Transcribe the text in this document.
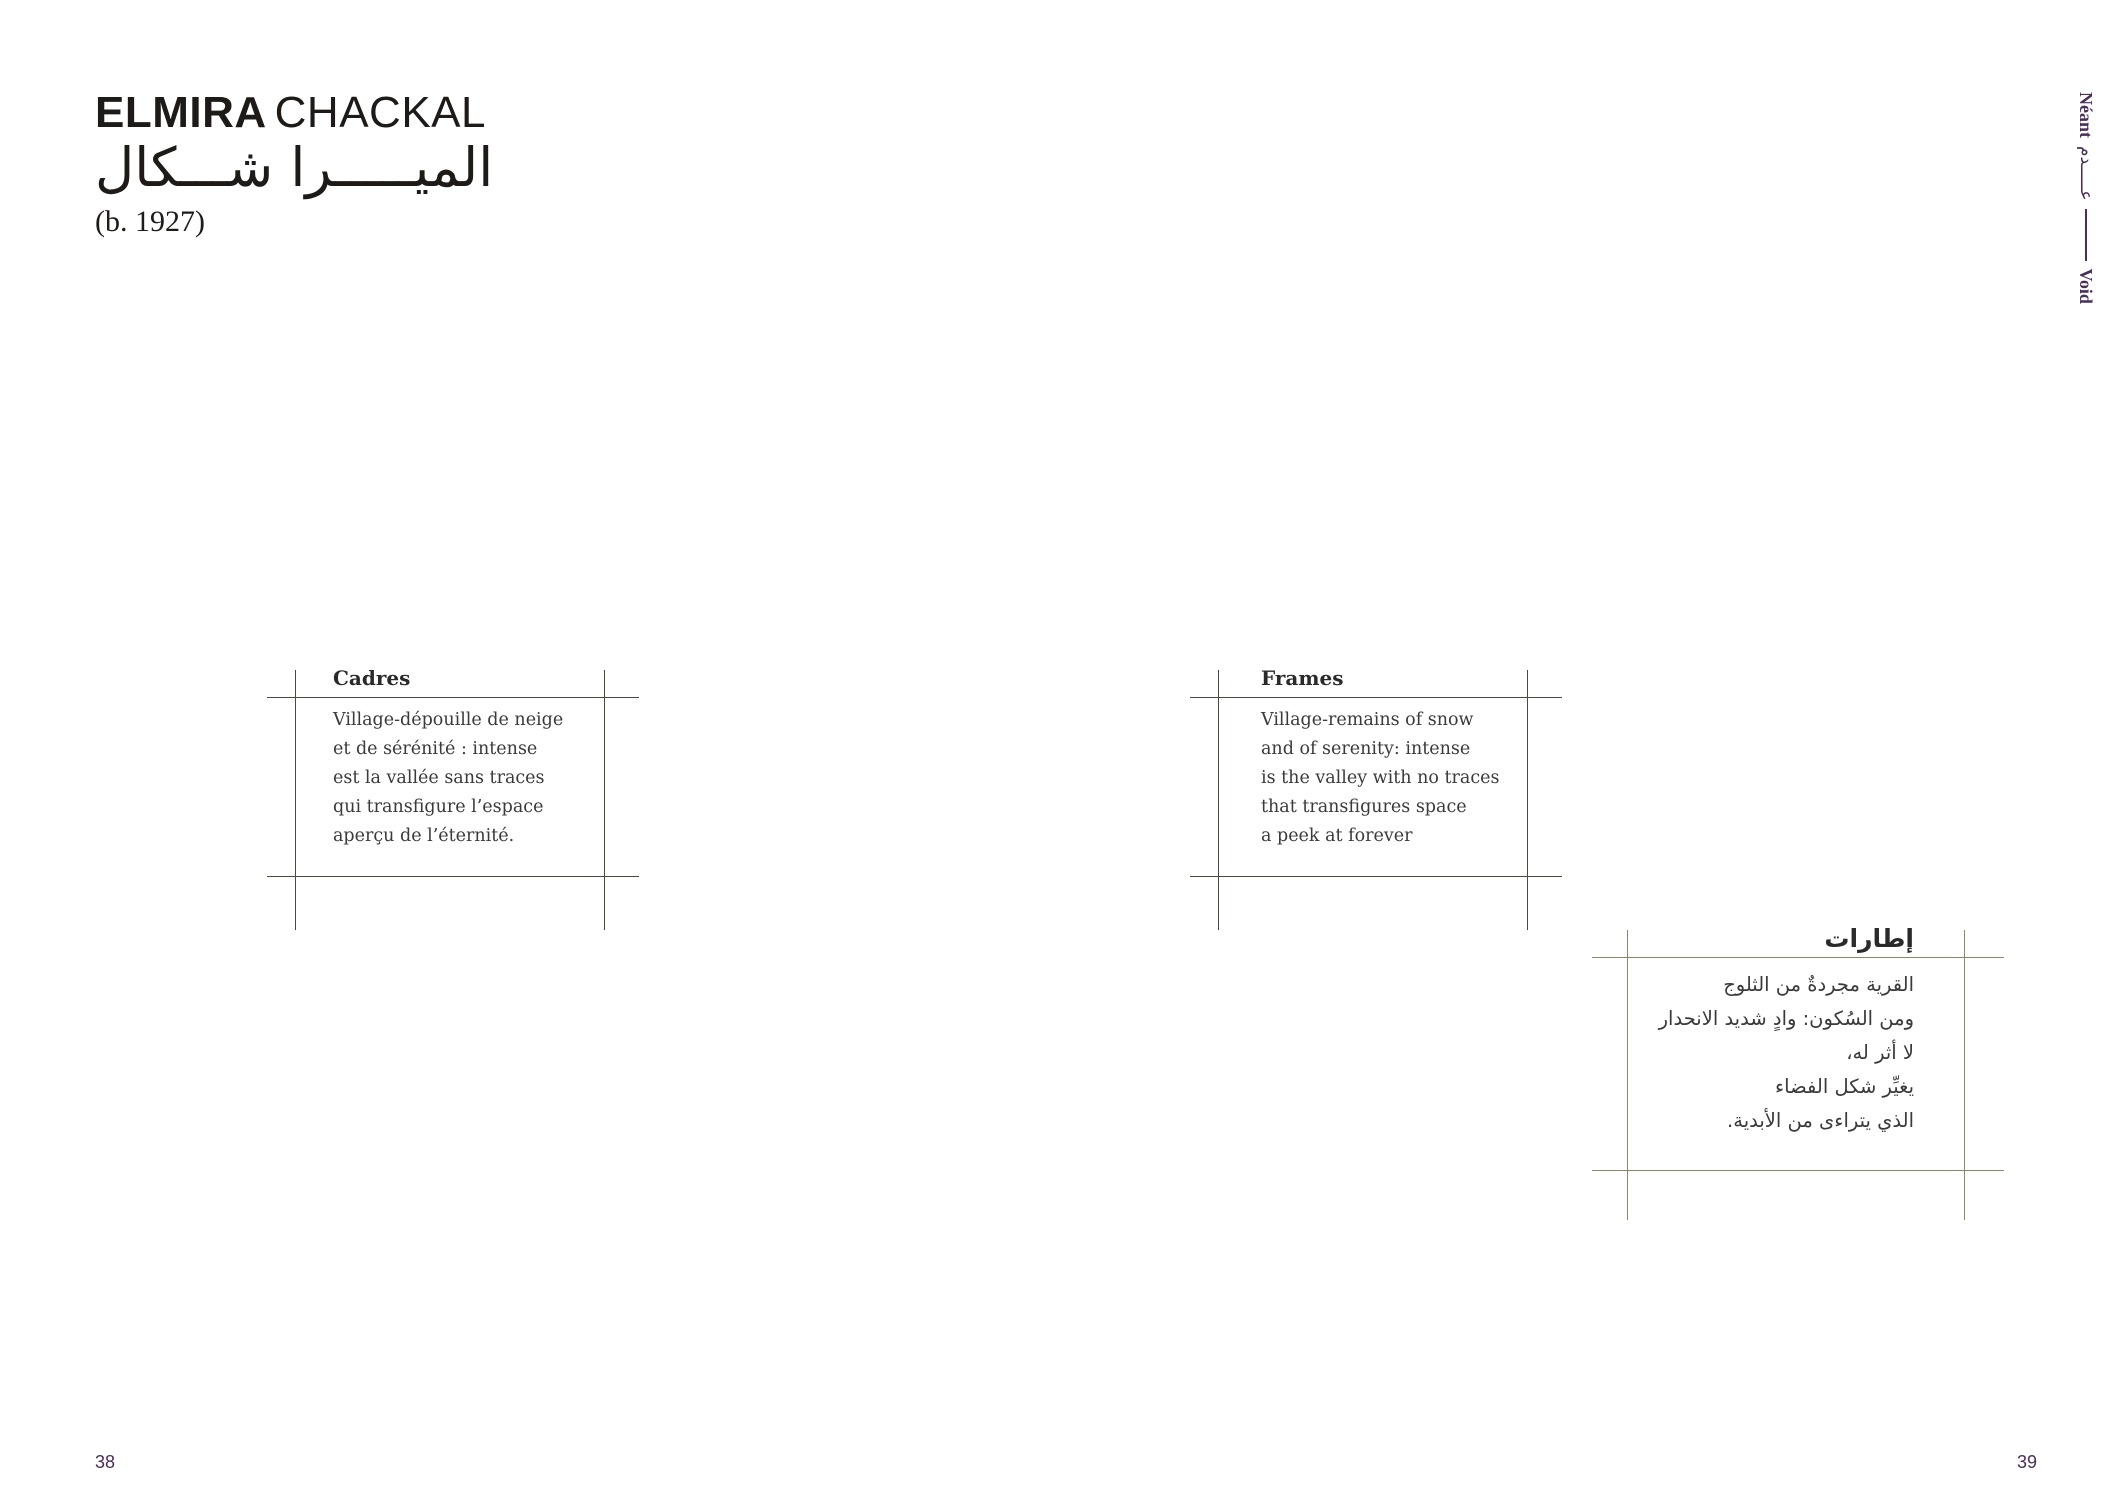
ELMIRA CHACKAL
الميـــــرا شـــكال
(b. 1927)
Néant
عـــــدم
Void
Cadres
Village-dépouille de neige
et de sérénité : intense
est la vallée sans traces
qui transfigure l’espace
aperçu de l’éternité.
Frames
Village-remains of snow
and of serenity: intense
is the valley with no traces
that transfigures space
a peek at forever
إطارات
القرية مجردةٌ من الثلوج
ومن السُكون: وادٍ شديد الانحدار
لا أثر له،
يغيِّر شكل الفضاء
الذي يتراءى من الأبدية.
38	39
